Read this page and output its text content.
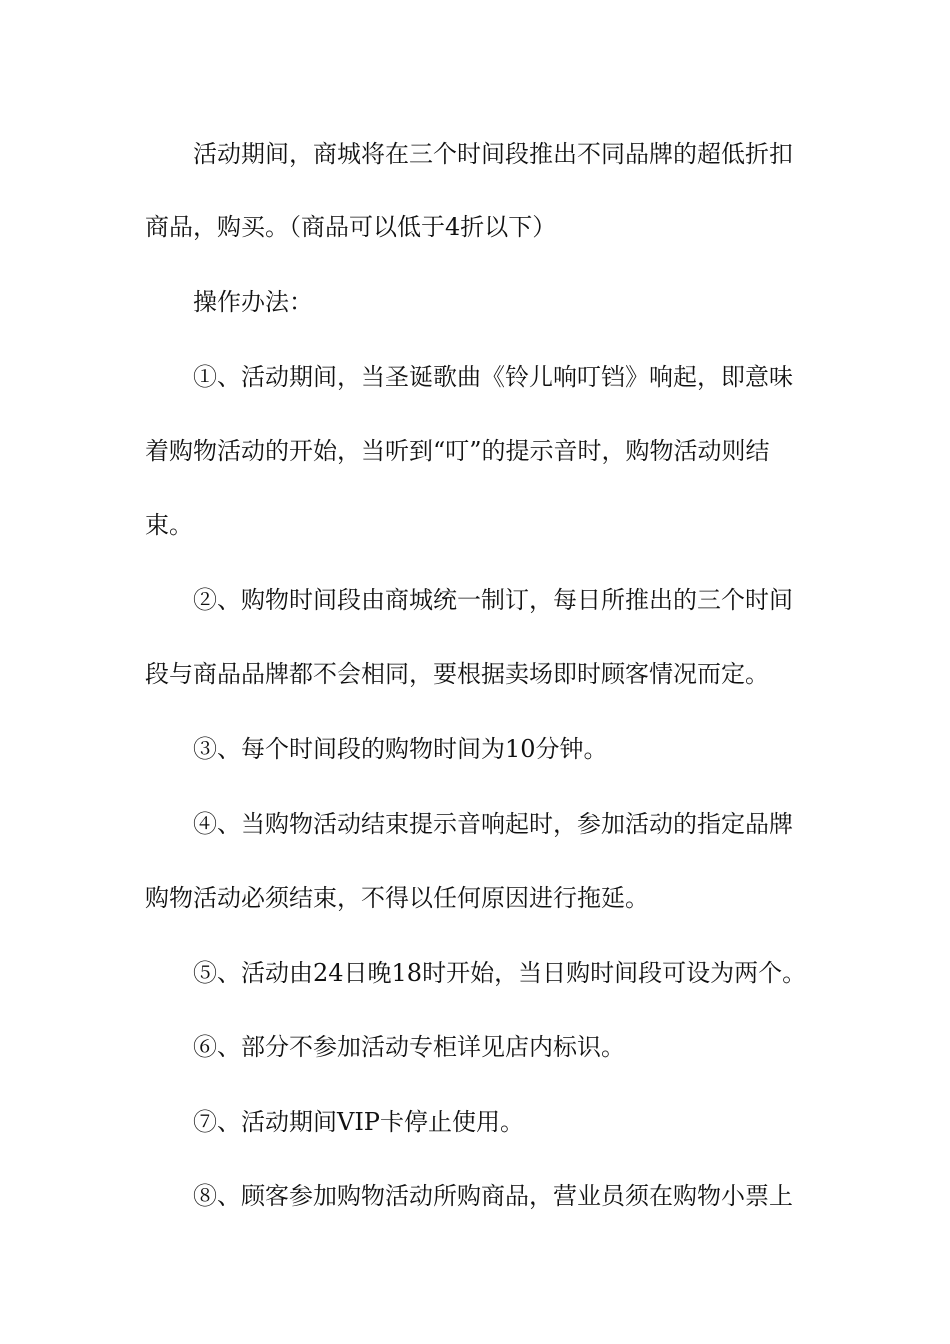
活动期间，商城将在三个时间段推出不同品牌的超低折扣
商品，购买。（商品可以低于4折以下）
操作办法：
①、活动期间，当圣诞歌曲《铃儿响叮铛》响起，即意味
着购物活动的开始，当听到“叮”的提示音时，购物活动则结
束。
②、购物时间段由商城统一制订，每日所推出的三个时间
段与商品品牌都不会相同，要根据卖场即时顾客情况而定。
③、每个时间段的购物时间为10分钟。
④、当购物活动结束提示音响起时，参加活动的指定品牌
购物活动必须结束，不得以任何原因进行拖延。
⑤、活动由24日晚18时开始，当日购时间段可设为两个。
⑥、部分不参加活动专柜详见店内标识。
⑦、活动期间VIP卡停止使用。
⑧、顾客参加购物活动所购商品，营业员须在购物小票上
